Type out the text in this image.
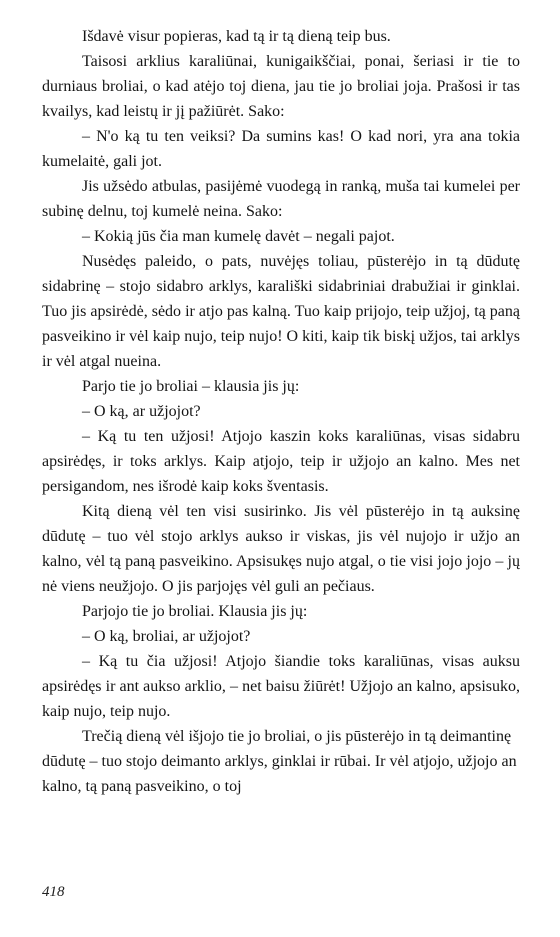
Išdavė visur popieras, kad tą ir tą dieną teip bus.

Taisosi arklius karaliūnai, kunigaikščiai, ponai, šeriasi ir tie to durniaus broliai, o kad atėjo toj diena, jau tie jo broliai joja. Prašosi ir tas kvailys, kad leistų ir jį pažiūrėt. Sako:

– N'o ką tu ten veiksi? Da sumins kas! O kad nori, yra ana tokia kumelaitė, gali jot.

Jis užsėdo atbulas, pasijėmė vuodegą in ranką, muša tai kumelei per subinę delnu, toj kumelė neina. Sako:

– Kokią jūs čia man kumelę davėt – negali pajot.

Nusėdęs paleido, o pats, nuvėjęs toliau, pūsterėjo in tą dūdutę sidabrinę – stojo sidabro arklys, karališki sidabriniai drabužiai ir ginklai. Tuo jis apsirėdė, sėdo ir atjo pas kalną. Tuo kaip prijojo, teip užjoj, tą paną pasveikino ir vėl kaip nujo, teip nujo! O kiti, kaip tik biskį užjos, tai arklys ir vėl atgal nueina.

Parjo tie jo broliai – klausia jis jų:

– O ką, ar užjojot?

– Ką tu ten užjosi! Atjojo kaszin koks karaliūnas, visas sidabru apsirėdęs, ir toks arklys. Kaip atjojo, teip ir užjojo an kalno. Mes net persigandom, nes išrodė kaip koks šventasis.

Kitą dieną vėl ten visi susirinko. Jis vėl pūsterėjo in tą auksinę dūdutę – tuo vėl stojo arklys aukso ir viskas, jis vėl nujojo ir užjo an kalno, vėl tą paną pasveikino. Apsisukęs nujo atgal, o tie visi jojo jojo – jų nė viens neužjojo. O jis parjojęs vėl guli an pečiaus.

Parjojo tie jo broliai. Klausia jis jų:

– O ką, broliai, ar užjojot?

– Ką tu čia užjosi! Atjojo šiandie toks karaliūnas, visas auksu apsirėdęs ir ant aukso arklio, – net baisu žiūrėt! Užjojo an kalno, apsisuko, kaip nujo, teip nujo.

Trečią dieną vėl išjojo tie jo broliai, o jis pūsterėjo in tą deimantinę dūdutę – tuo stojo deimanto arklys, ginklai ir rūbai. Ir vėl atjojo, užjojo an kalno, tą paną pasveikino, o toj

418
